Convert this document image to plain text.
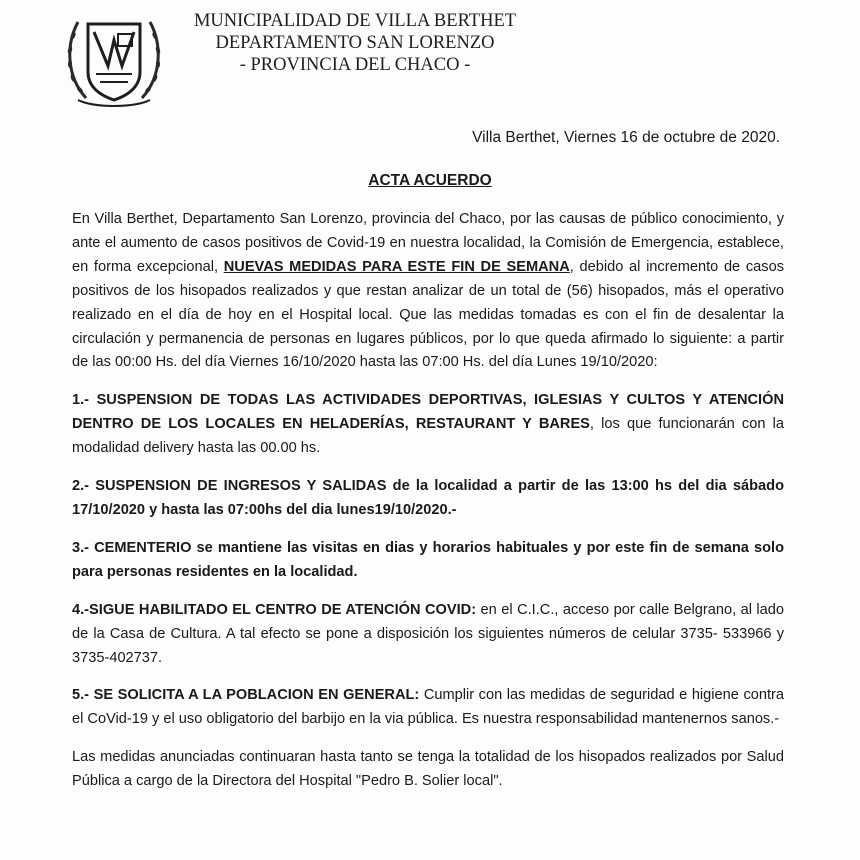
MUNICIPALIDAD DE VILLA BERTHET
DEPARTAMENTO SAN LORENZO
- PROVINCIA DEL CHACO -
Villa Berthet, Viernes 16 de octubre de 2020.
ACTA ACUERDO

En Villa Berthet, Departamento San Lorenzo, provincia del Chaco, por las causas de público conocimiento, y ante el aumento de casos positivos de Covid-19 en nuestra localidad, la Comisión de Emergencia, establece, en forma excepcional, NUEVAS MEDIDAS PARA ESTE FIN DE SEMANA, debido al incremento de casos positivos de los hisopados realizados y que restan analizar de un total de (56) hisopados, más el operativo realizado en el día de hoy en el Hospital local. Que las medidas tomadas es con el fin de desalentar la circulación y permanencia de personas en lugares públicos, por lo que queda afirmado lo siguiente: a partir de las 00:00 Hs. del día Viernes 16/10/2020 hasta las 07:00 Hs. del día Lunes 19/10/2020:

1.- SUSPENSION DE TODAS LAS ACTIVIDADES DEPORTIVAS, IGLESIAS Y CULTOS Y ATENCIÓN DENTRO DE LOS LOCALES EN HELADERÍAS, RESTAURANT Y BARES, los que funcionarán con la modalidad delivery hasta las 00.00 hs.

2.- SUSPENSION DE INGRESOS Y SALIDAS de la localidad a partir de las 13:00 hs del dia sábado 17/10/2020 y hasta las 07:00hs del dia lunes19/10/2020.-

3.- CEMENTERIO se mantiene las visitas en dias y horarios habituales y por este fin de semana solo para personas residentes en la localidad.

4.-SIGUE HABILITADO EL CENTRO DE ATENCIÓN COVID: en el C.I.C., acceso por calle Belgrano, al lado de la Casa de Cultura. A tal efecto se pone a disposición los siguientes números de celular 3735- 533966 y 3735-402737.

5.- SE SOLICITA A LA POBLACION EN GENERAL: Cumplir con las medidas de seguridad e higiene contra el CoVid-19 y el uso obligatorio del barbijo en la via pública. Es nuestra responsabilidad mantenernos sanos.-

Las medidas anunciadas continuaran hasta tanto se tenga la totalidad de los hisopados realizados por Salud Pública a cargo de la Directora del Hospital "Pedro B. Solier local".
